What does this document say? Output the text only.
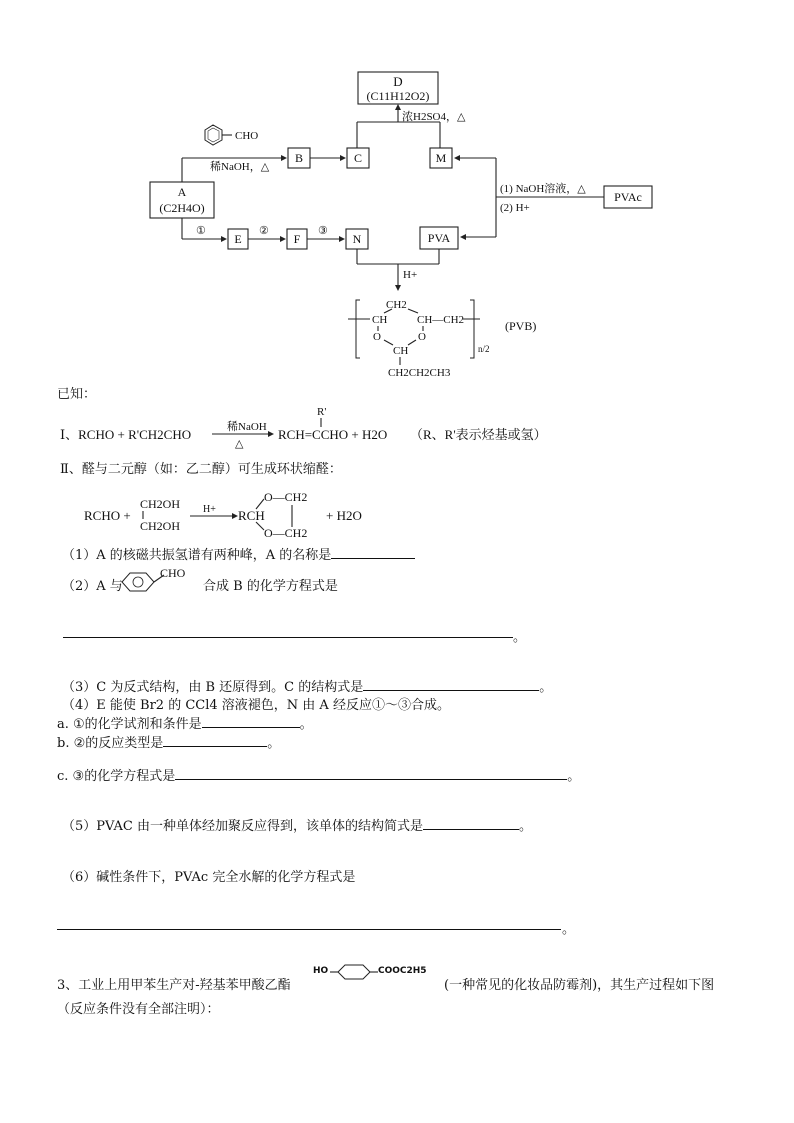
D
(C11H12O2)
浓H2SO4，△
CHO
稀NaOH，△
B	C	M
A
(C2H4O)
(1) NaOH溶液，△
(2) H+
PVAc
①
E
②
F
③
N	PVA
H+
CH2
CH	CH—CH2
O	O
CH
CH2CH2CH3
n/2
(PVB)
已知：
Ⅰ、RCHO + R'CH2CHO	稀NaOH
△
R'
RCH=CCHO + H2O （R、R'表示烃基或氢）
Ⅱ、醛与二元醇（如：乙二醇）可生成环状缩醛：
RCHO +
CH2OH
CH2OH
H+ RCH
O—CH2
O—CH2
+ H2O
（1）A 的核磁共振氢谱有两种峰，A 的名称是
（2）A 与
CHO
合成 B 的化学方程式是
。
（3）C 为反式结构，由 B 还原得到。C 的结构式是	。
（4）E 能使 Br2 的 CCl4 溶液褪色，N 由 A 经反应①～③合成。
a. ①的化学试剂和条件是	。
b. ②的反应类型是	。
c. ③的化学方程式是	。
（5）PVAC 由一种单体经加聚反应得到，该单体的结构简式是	。
（6）碱性条件下，PVAc 完全水解的化学方程式是
。
3、工业上用甲苯生产对-羟基苯甲酸乙酯
HO	COOC2H5
(一种常见的化妆品防霉剂)，其生产过程如下图
（反应条件没有全部注明）：
